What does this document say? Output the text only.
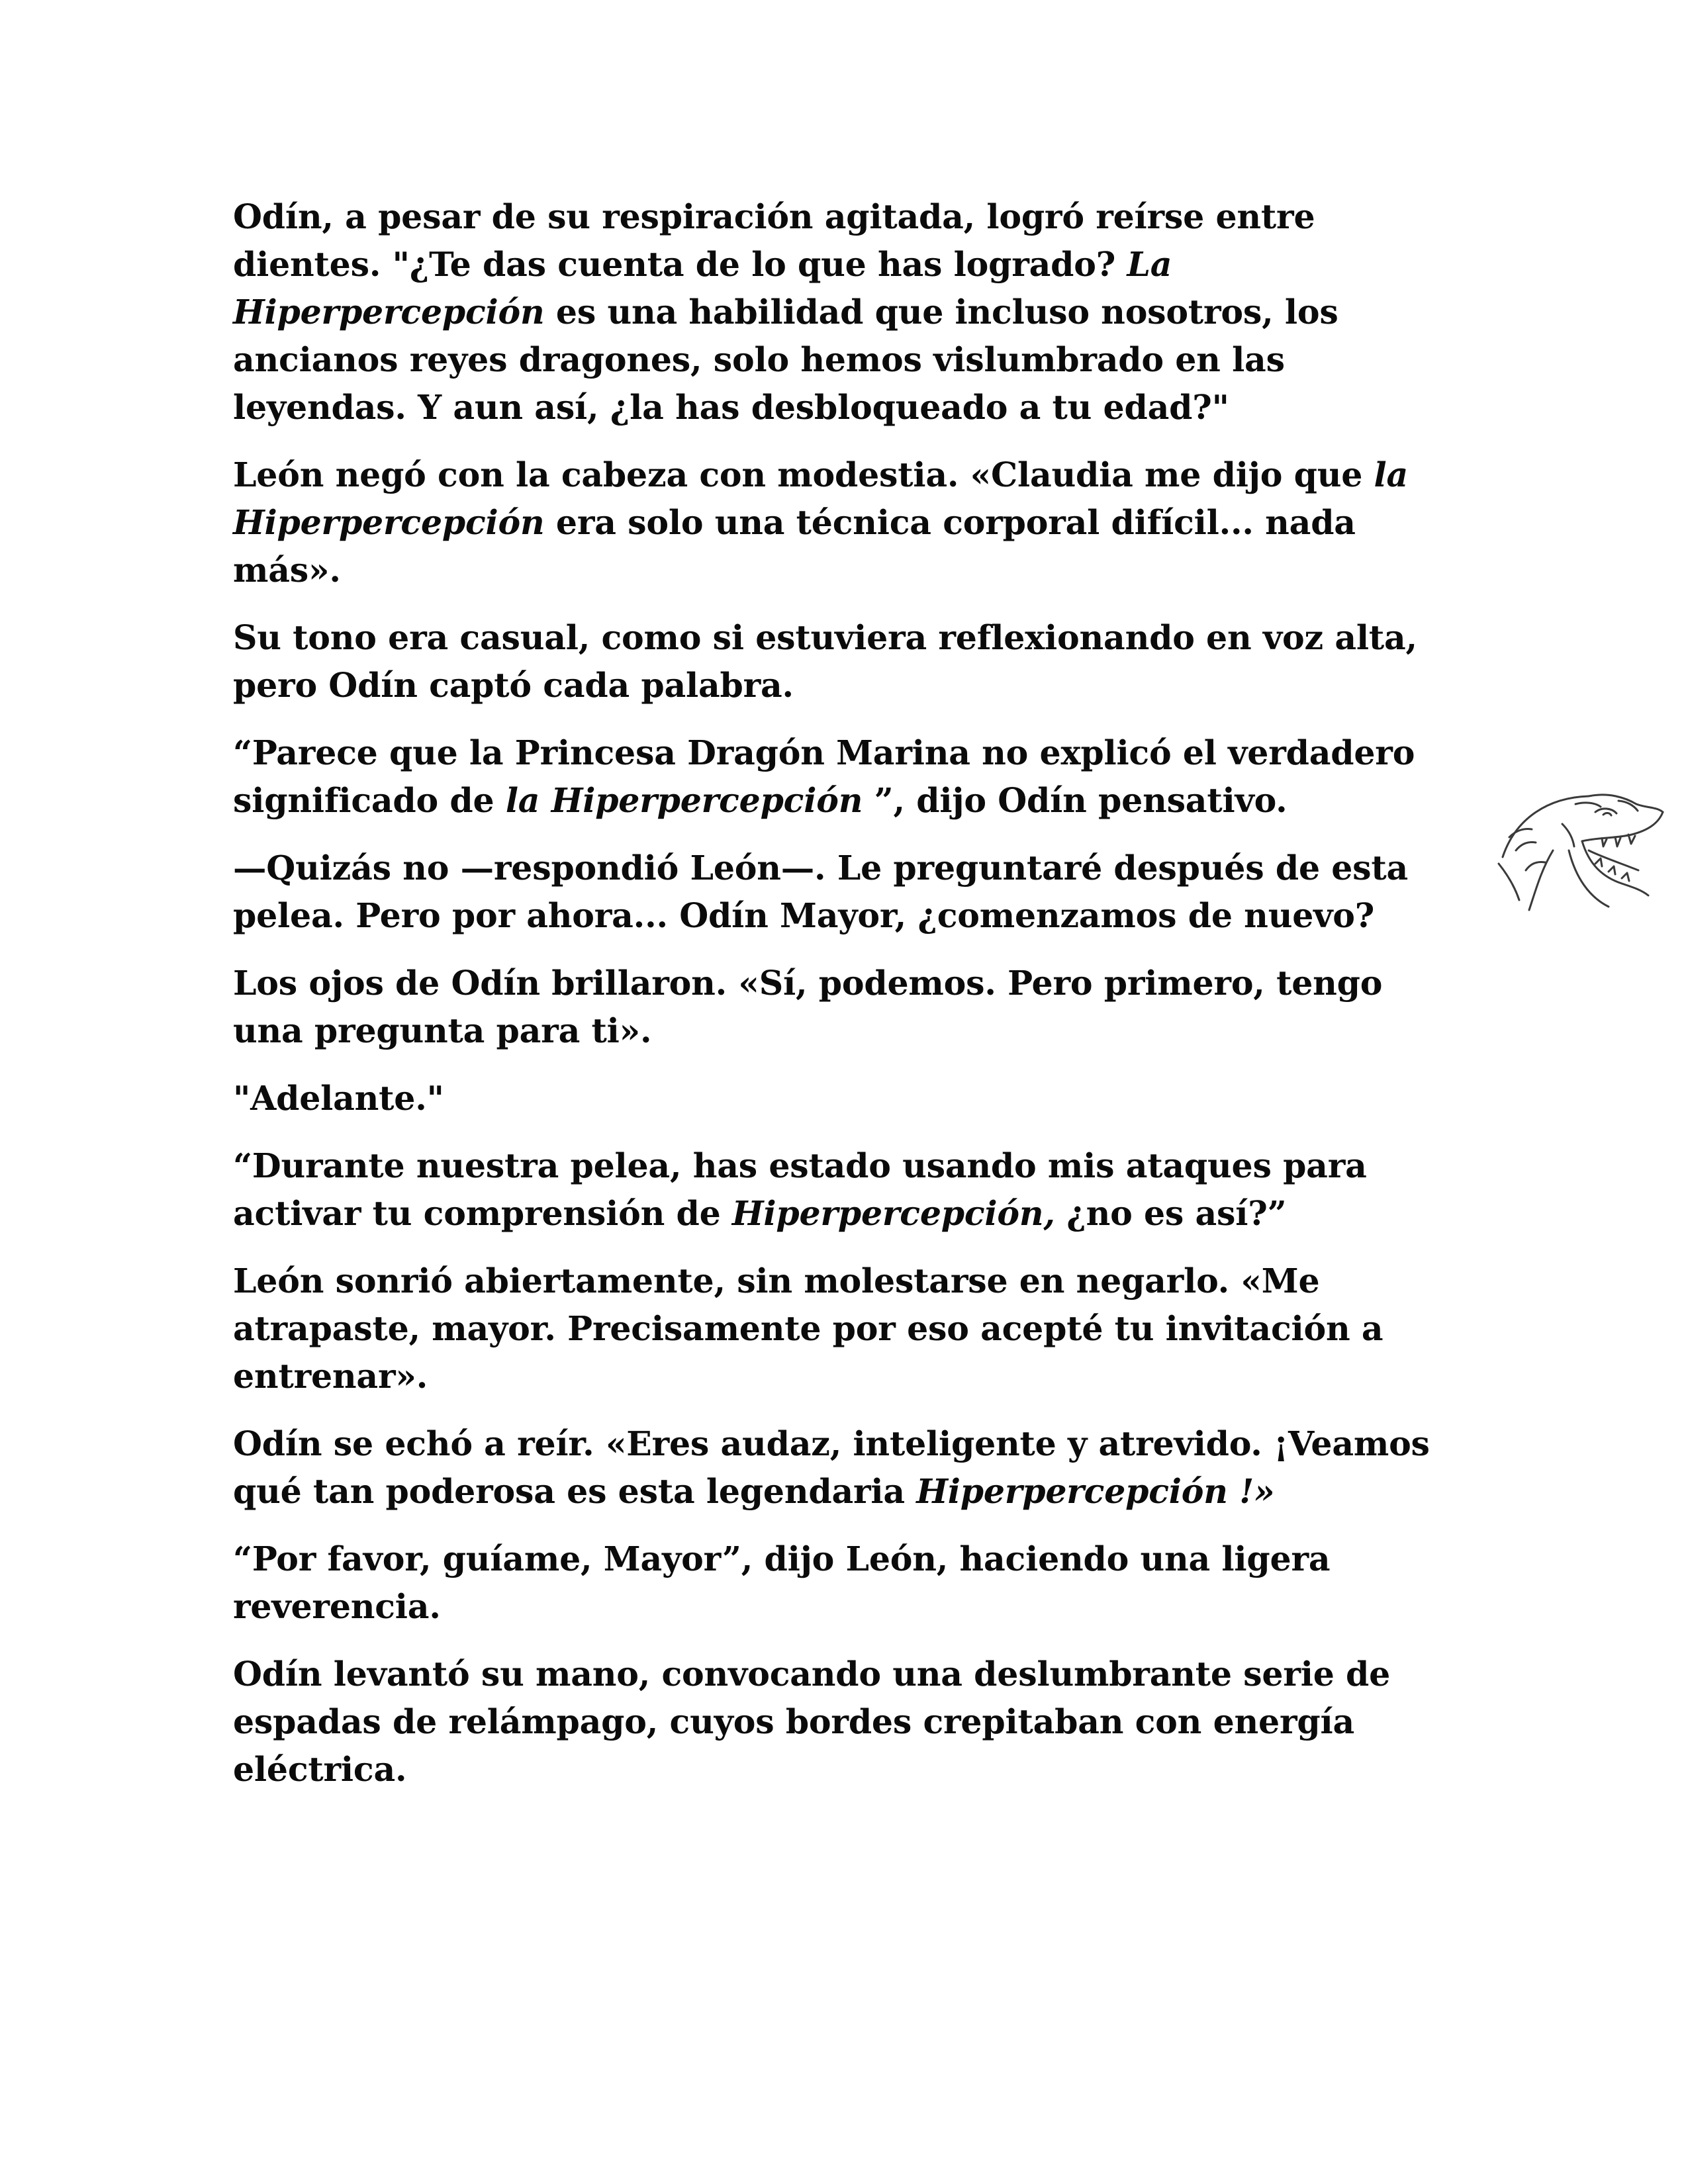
Odín, a pesar de su respiración agitada, logró reírse entre dientes. "¿Te das cuenta de lo que has logrado? La Hiperpercepción es una habilidad que incluso nosotros, los ancianos reyes dragones, solo hemos vislumbrado en las leyendas. Y aun así, ¿la has desbloqueado a tu edad?"

León negó con la cabeza con modestia. «Claudia me dijo que la Hiperpercepción era solo una técnica corporal difícil... nada más».

Su tono era casual, como si estuviera reflexionando en voz alta, pero Odín captó cada palabra.

“Parece que la Princesa Dragón Marina no explicó el verdadero significado de la Hiperpercepción ”, dijo Odín pensativo.

—Quizás no —respondió León—. Le preguntaré después de esta pelea. Pero por ahora... Odín Mayor, ¿comenzamos de nuevo?

Los ojos de Odín brillaron. «Sí, podemos. Pero primero, tengo una pregunta para ti».

"Adelante."

“Durante nuestra pelea, has estado usando mis ataques para activar tu comprensión de Hiperpercepción, ¿no es así?”

León sonrió abiertamente, sin molestarse en negarlo. «Me atrapaste, mayor. Precisamente por eso acepté tu invitación a entrenar».

Odín se echó a reír. «Eres audaz, inteligente y atrevido. ¡Veamos qué tan poderosa es esta legendaria Hiperpercepción !»

“Por favor, guíame, Mayor”, dijo León, haciendo una ligera reverencia.

Odín levantó su mano, convocando una deslumbrante serie de espadas de relámpago, cuyos bordes crepitaban con energía eléctrica.
